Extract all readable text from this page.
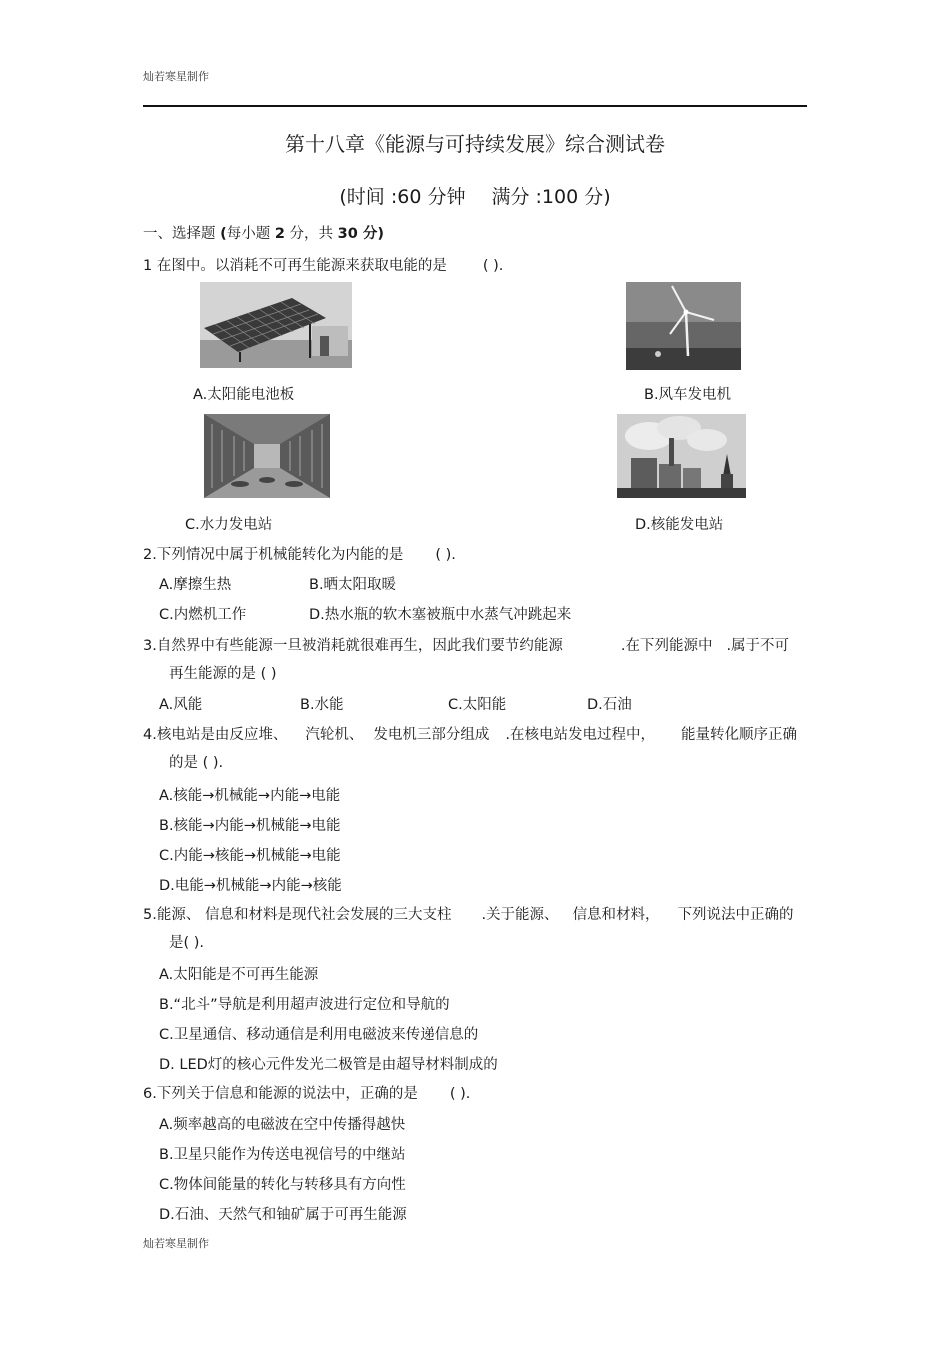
灿若寒星制作
第十八章《能源与可持续发展》综合测试卷
(时间 :60 分钟 满分 :100 分)
一、选择题 (每小题 2 分，共 30 分)
1 在图中。以消耗不可再生能源来获取电能的是 ( ).
A.太阳能电池板	B.风车发电机
C.水力发电站	D.核能发电站
2.下列情况中属于机械能转化为内能的是 ( ).
A.摩擦生热	B.晒太阳取暖
C.内燃机工作	D.热水瓶的软木塞被瓶中水蒸气冲跳起来
3.自然界中有些能源一旦被消耗就很难再生，因此我们要节约能源	.在下列能源中 .属于不可
再生能源的是 ( )
A.风能	B.水能	C.太阳能	D.石油
4.核电站是由反应堆、 汽轮机、 发电机三部分组成 .在核电站发电过程中， 能量转化顺序正确
的是 ( ).
A.核能→机械能→内能→电能
B.核能→内能→机械能→电能
C.内能→核能→机械能→电能
D.电能→机械能→内能→核能
5.能源、 信息和材料是现代社会发展的三大支柱 .关于能源、 信息和材料， 下列说法中正确的
是( ).
A.太阳能是不可再生能源
B.“北斗”导航是利用超声波进行定位和导航的
C.卫星通信、移动通信是利用电磁波来传递信息的
D. LED灯的核心元件发光二极管是由超导材料制成的
6.下列关于信息和能源的说法中，正确的是 ( ).
A.频率越高的电磁波在空中传播得越快
B.卫星只能作为传送电视信号的中继站
C.物体间能量的转化与转移具有方向性
D.石油、天然气和铀矿属于可再生能源
灿若寒星制作
